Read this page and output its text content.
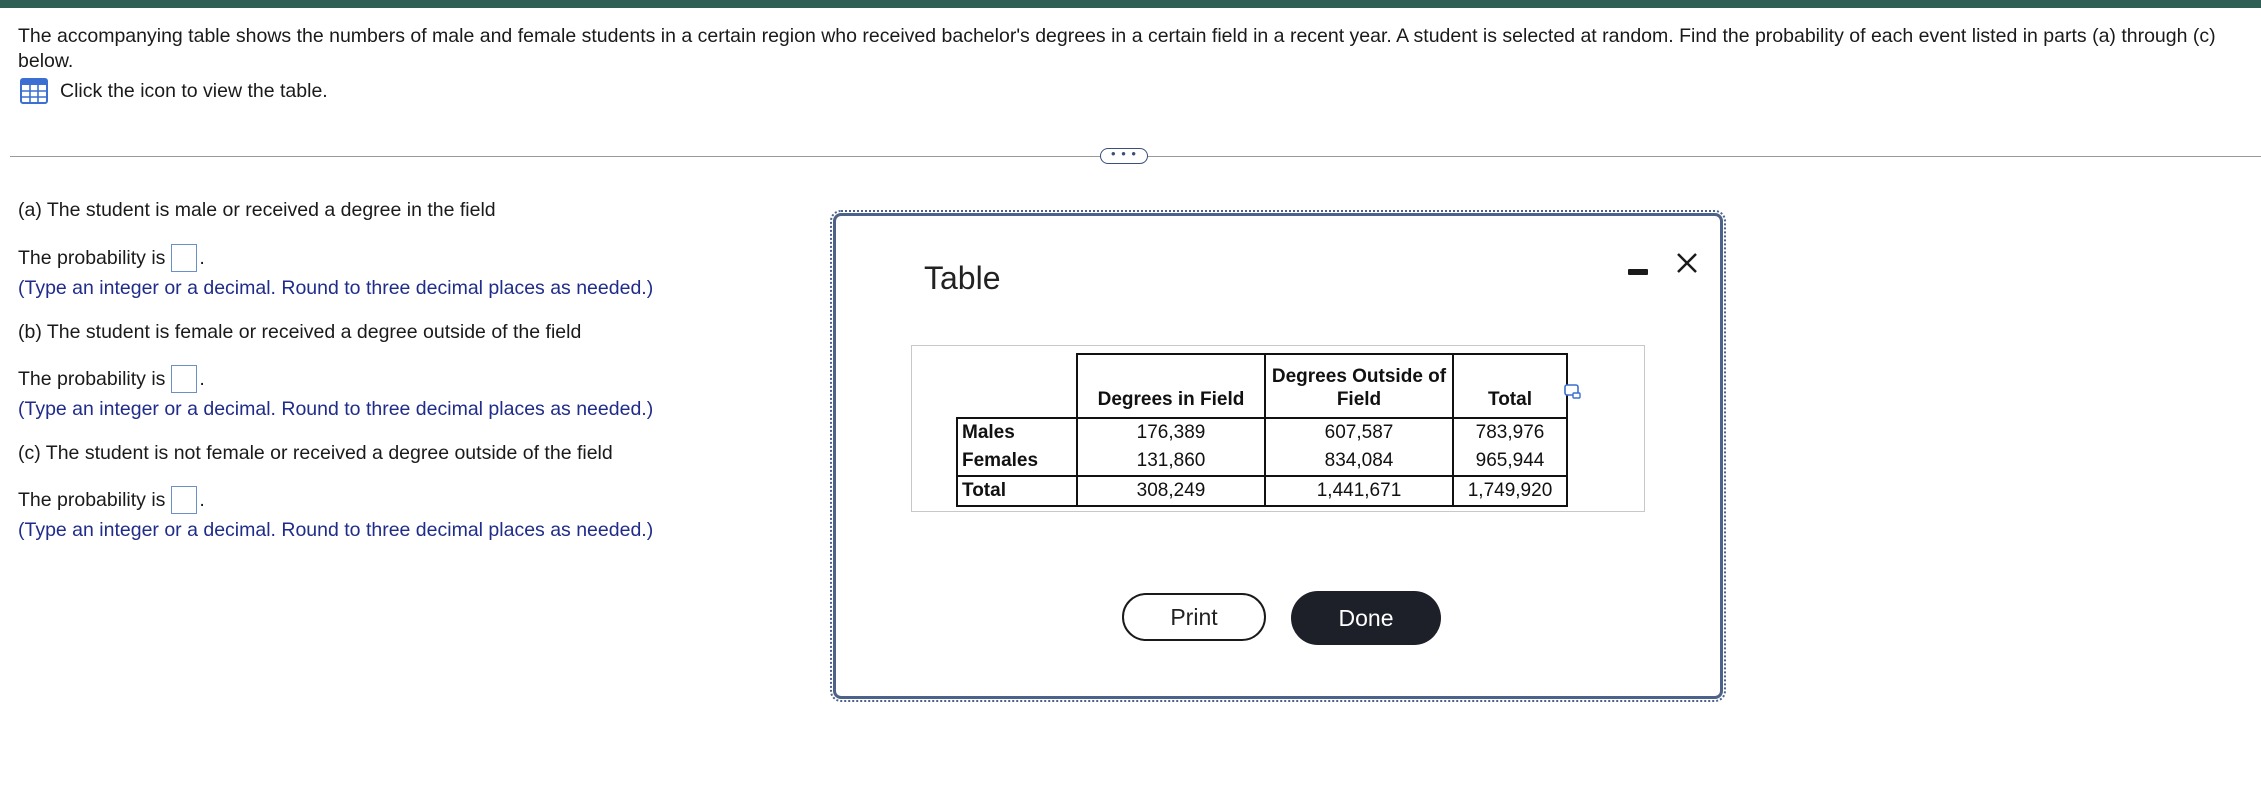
The accompanying table shows the numbers of male and female students in a certain region who received bachelor's degrees in a certain field in a recent year. A student is selected at random. Find the probability of each event listed in parts (a) through (c) below.
Click the icon to view the table.
• • •
(a) The student is male or received a degree in the field
The probability is .
(Type an integer or a decimal. Round to three decimal places as needed.)
(b) The student is female or received a degree outside of the field
The probability is .
(Type an integer or a decimal. Round to three decimal places as needed.)
(c) The student is not female or received a degree outside of the field
The probability is .
(Type an integer or a decimal. Round to three decimal places as needed.)
Table
	Degrees in Field	Degrees Outside of Field	Total
Males	176,389	607,587	783,976
Females	131,860	834,084	965,944
Total	308,249	1,441,671	1,749,920
Print	Done
